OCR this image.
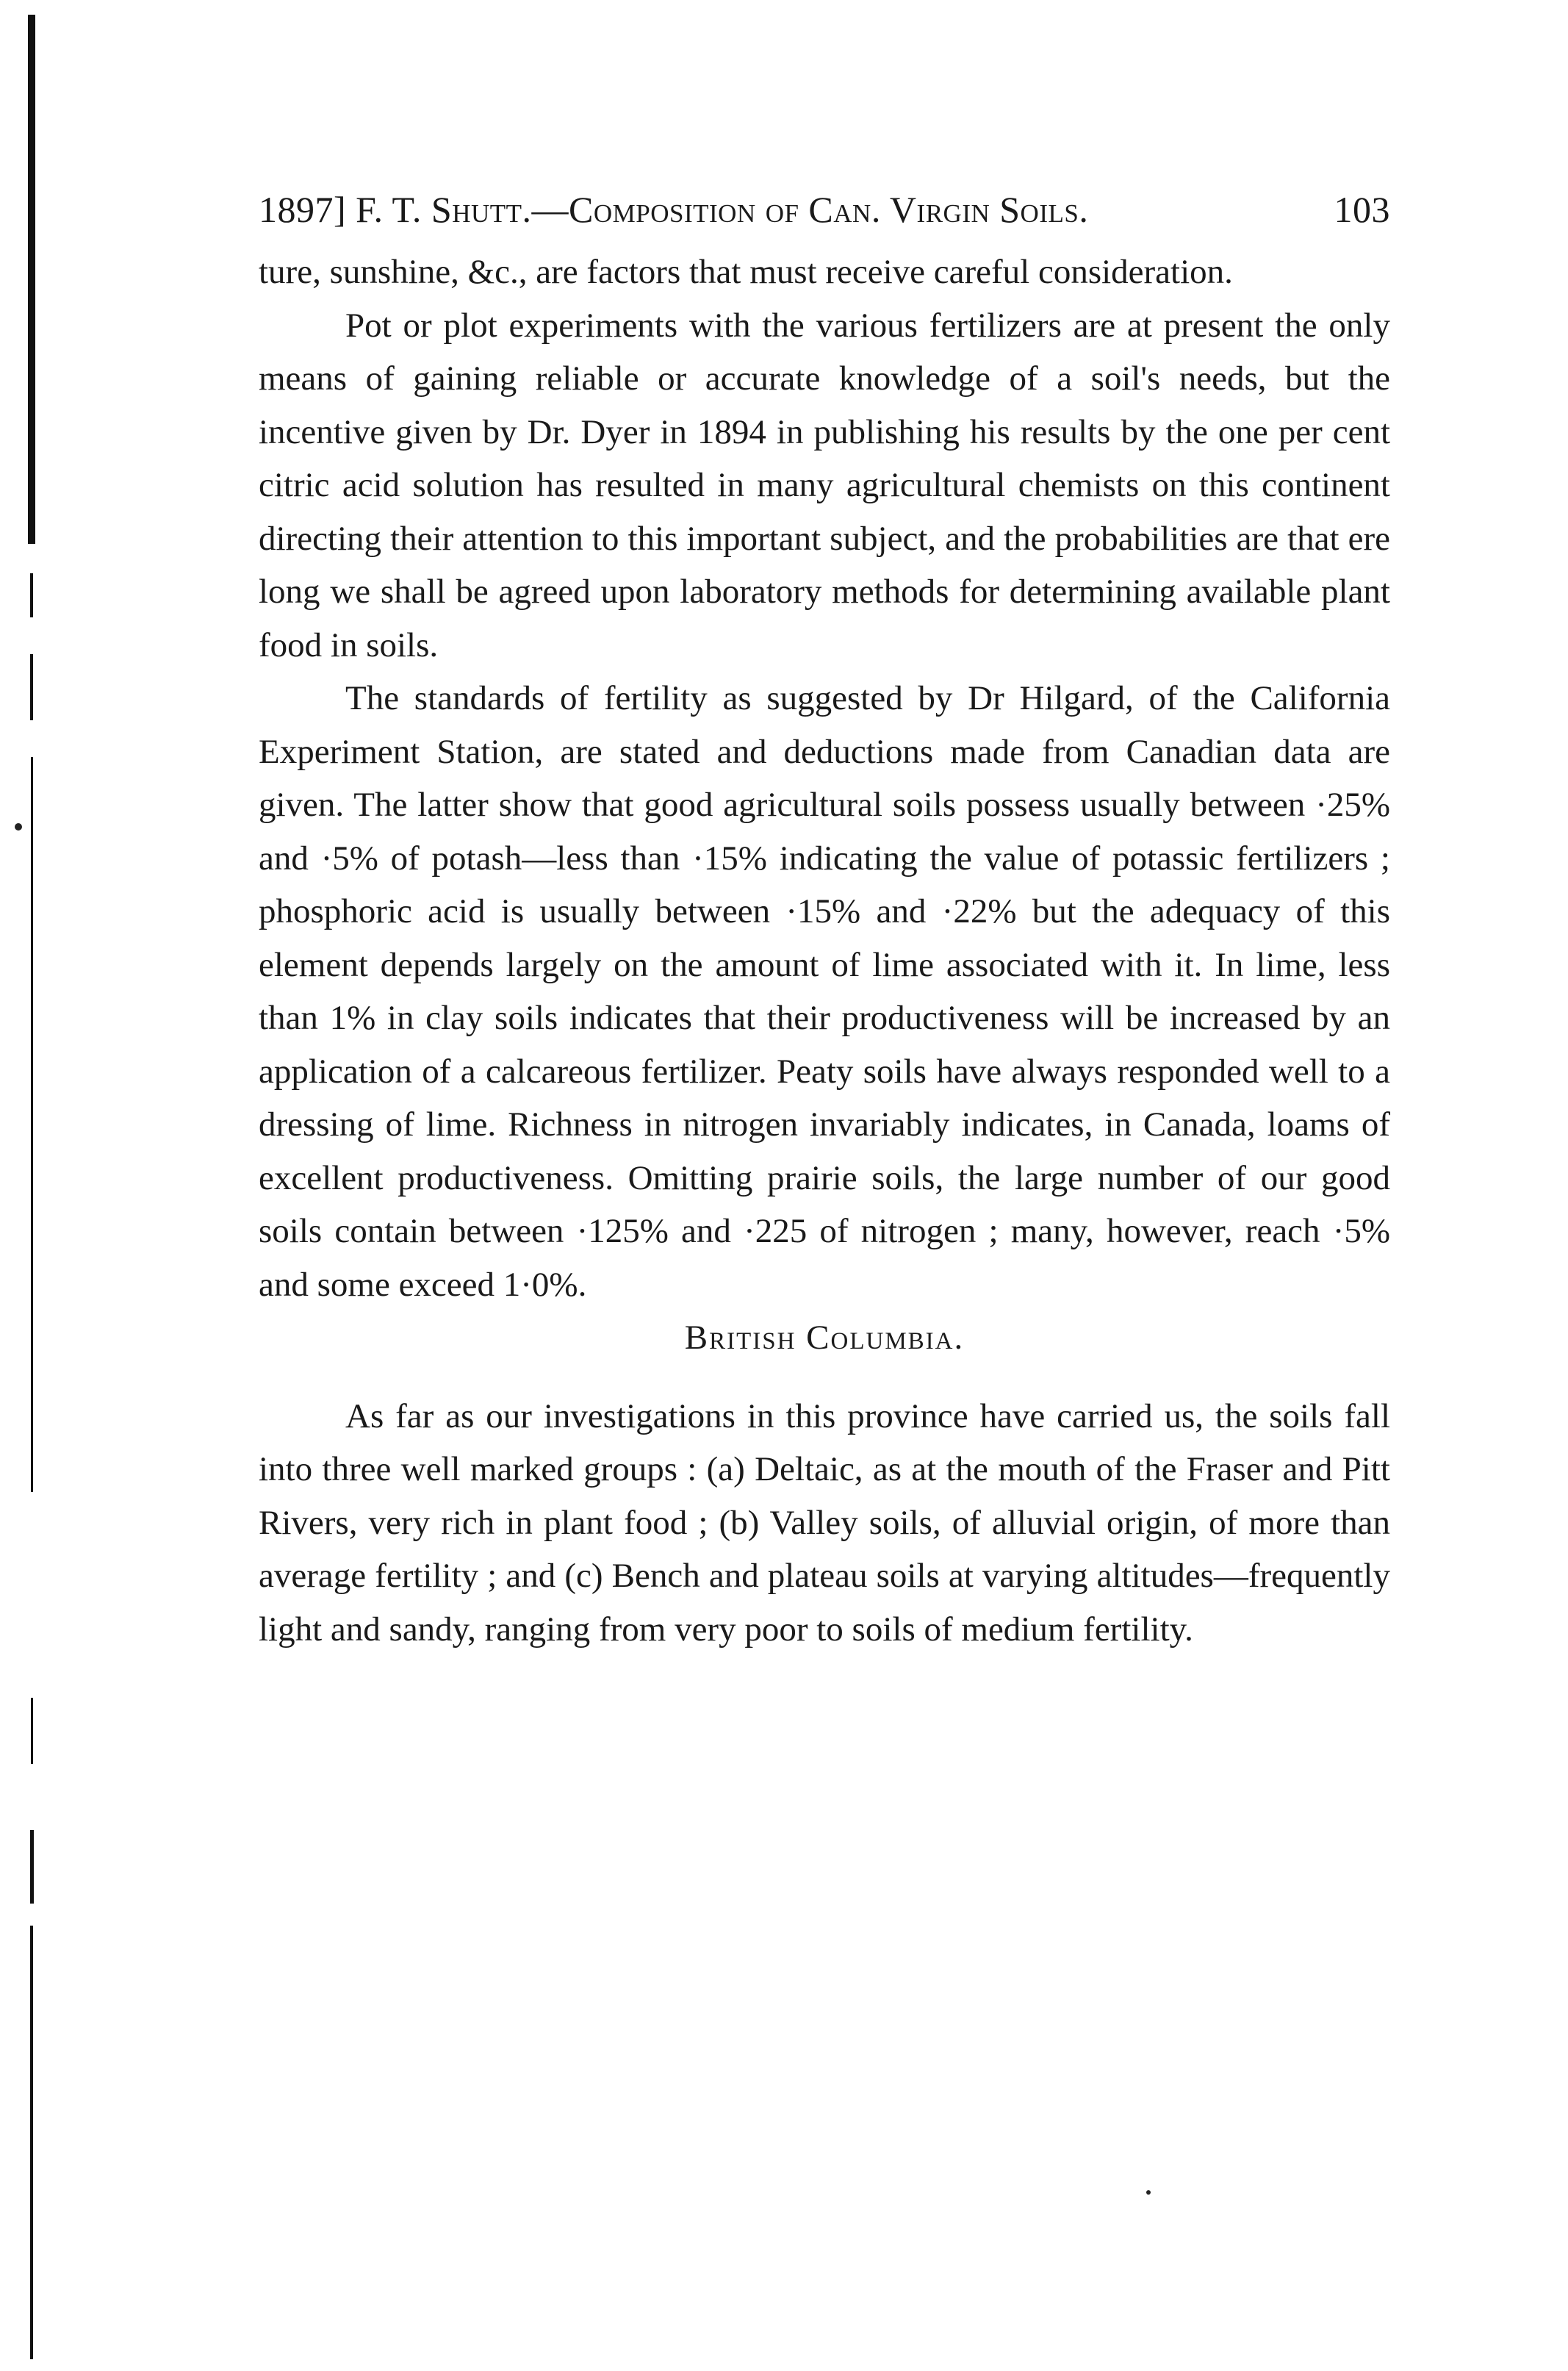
1897] F. T. Shutt.—Composition of Can. Virgin Soils.	103

ture, sunshine, &c., are factors that must receive careful consideration.

Pot or plot experiments with the various fertilizers are at present the only means of gaining reliable or accurate knowledge of a soil's needs, but the incentive given by Dr. Dyer in 1894 in publishing his results by the one per cent citric acid solution has resulted in many agricultural chemists on this continent directing their attention to this important subject, and the probabilities are that ere long we shall be agreed upon laboratory methods for determining available plant food in soils.

The standards of fertility as suggested by Dr Hilgard, of the California Experiment Station, are stated and deductions made from Canadian data are given. The latter show that good agricultural soils possess usually between ·25% and ·5% of potash—less than ·15% indicating the value of potassic fertilizers ; phosphoric acid is usually between ·15% and ·22% but the adequacy of this element depends largely on the amount of lime associated with it. In lime, less than 1% in clay soils indicates that their productiveness will be increased by an application of a calcareous fertilizer. Peaty soils have always responded well to a dressing of lime. Richness in nitrogen invariably indicates, in Canada, loams of excellent productiveness. Omitting prairie soils, the large number of our good soils contain between ·125% and ·225 of nitrogen ; many, however, reach ·5% and some exceed 1·0%.

British Columbia.

As far as our investigations in this province have carried us, the soils fall into three well marked groups : (a) Deltaic, as at the mouth of the Fraser and Pitt Rivers, very rich in plant food ; (b) Valley soils, of alluvial origin, of more than average fertility ; and (c) Bench and plateau soils at varying altitudes—frequently light and sandy, ranging from very poor to soils of medium fertility.
